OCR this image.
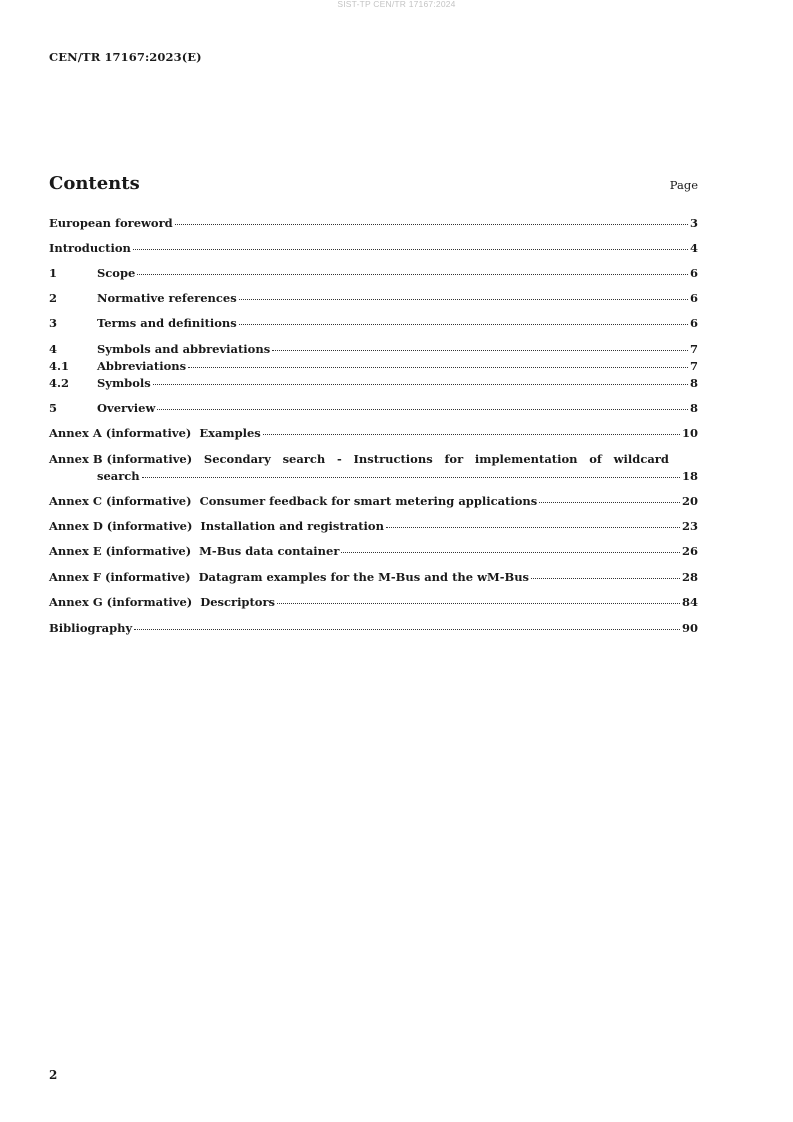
SIST-TP CEN/TR 17167:2024
CEN/TR 17167:2023(E)
Contents	Page
European foreword	3
Introduction	4
1	Scope	6
2	Normative references	6
3	Terms and definitions	6
4	Symbols and abbreviations	7
4.1	Abbreviations	7
4.2	Symbols	8
5	Overview	8
Annex A (informative)  Examples	10
Annex B (informative) Secondary search - Instructions for implementation of wildcard
search	18
Annex C (informative)  Consumer feedback for smart metering applications	20
Annex D (informative)  Installation and registration	23
Annex E (informative)  M-Bus data container	26
Annex F (informative)  Datagram examples for the M-Bus and the wM-Bus	28
Annex G (informative)  Descriptors	84
Bibliography	90
2
